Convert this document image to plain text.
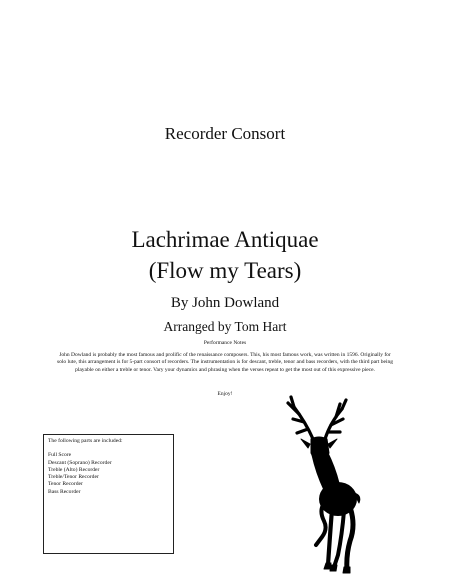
Recorder Consort
Lachrimae Antiquae
(Flow my Tears)
By John Dowland
Arranged by Tom Hart
Performance Notes
John Dowland is probably the most famous and prolific of the renaissance composers. This, his most famous work, was written in 1596. Originally for solo lute, this arrangement is for 5-part consort of recorders. The instrumentation is for descant, treble, tenor and bass recorders, with the third part being playable on either a treble or tenor. Vary your dynamics and phrasing when the verses repeat to get the most out of this expressive piece.
Enjoy!
The following parts are included:
Full Score
Descant (Soprano) Recorder
Treble (Alto) Recorder
Treble/Tenor Recorder
Tenor Recorder
Bass Recorder
